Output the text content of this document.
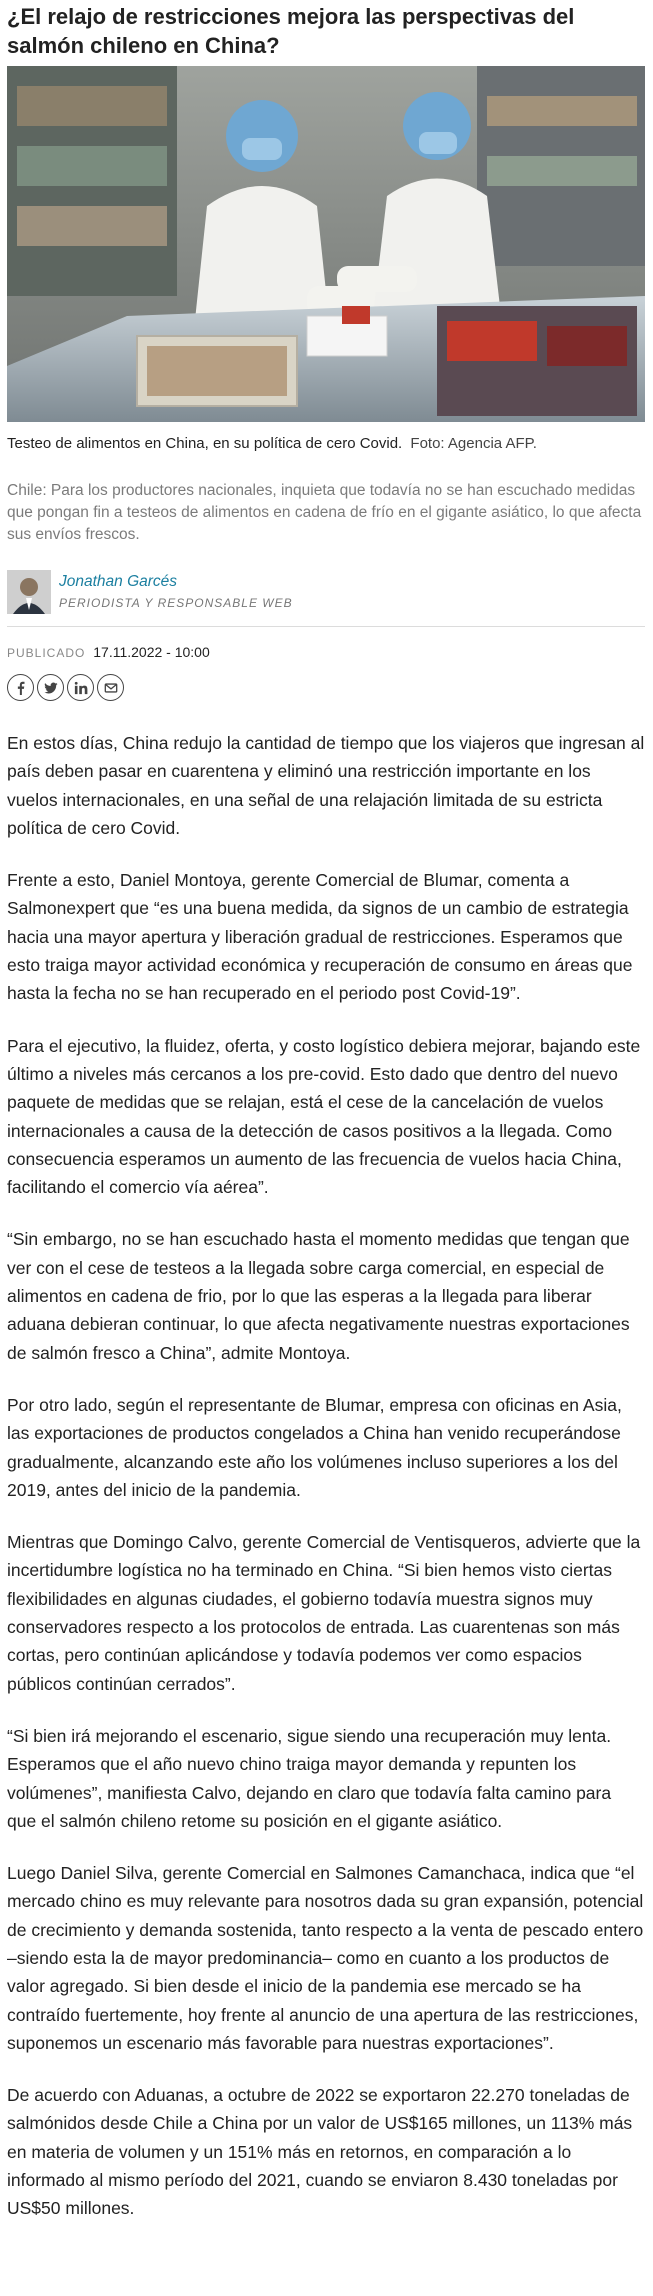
¿El relajo de restricciones mejora las perspectivas del salmón chileno en China?

Testeo de alimentos en China, en su política de cero Covid. Foto: Agencia AFP.

Chile: Para los productores nacionales, inquieta que todavía no se han escuchado medidas que pongan fin a testeos de alimentos en cadena de frío en el gigante asiático, lo que afecta sus envíos frescos.

Jonathan Garcés
PERIODISTA Y RESPONSABLE WEB
PUBLICADO 17.11.2022 - 10:00

En estos días, China redujo la cantidad de tiempo que los viajeros que ingresan al país deben pasar en cuarentena y eliminó una restricción importante en los vuelos internacionales, en una señal de una relajación limitada de su estricta política de cero Covid.

Frente a esto, Daniel Montoya, gerente Comercial de Blumar, comenta a Salmonexpert que “es una buena medida, da signos de un cambio de estrategia hacia una mayor apertura y liberación gradual de restricciones. Esperamos que esto traiga mayor actividad económica y recuperación de consumo en áreas que hasta la fecha no se han recuperado en el periodo post Covid-19”.

Para el ejecutivo, la fluidez, oferta, y costo logístico debiera mejorar, bajando este último a niveles más cercanos a los pre-covid. Esto dado que dentro del nuevo paquete de medidas que se relajan, está el cese de la cancelación de vuelos internacionales a causa de la detección de casos positivos a la llegada. Como consecuencia esperamos un aumento de las frecuencia de vuelos hacia China, facilitando el comercio vía aérea”.

“Sin embargo, no se han escuchado hasta el momento medidas que tengan que ver con el cese de testeos a la llegada sobre carga comercial, en especial de alimentos en cadena de frio, por lo que las esperas a la llegada para liberar aduana debieran continuar, lo que afecta negativamente nuestras exportaciones de salmón fresco a China”, admite Montoya.

Por otro lado, según el representante de Blumar, empresa con oficinas en Asia, las exportaciones de productos congelados a China han venido recuperándose gradualmente, alcanzando este año los volúmenes incluso superiores a los del 2019, antes del inicio de la pandemia.

Mientras que Domingo Calvo, gerente Comercial de Ventisqueros, advierte que la incertidumbre logística no ha terminado en China. “Si bien hemos visto ciertas flexibilidades en algunas ciudades, el gobierno todavía muestra signos muy conservadores respecto a los protocolos de entrada. Las cuarentenas son más cortas, pero continúan aplicándose y todavía podemos ver como espacios públicos continúan cerrados”.

“Si bien irá mejorando el escenario, sigue siendo una recuperación muy lenta. Esperamos que el año nuevo chino traiga mayor demanda y repunten los volúmenes”, manifiesta Calvo, dejando en claro que todavía falta camino para que el salmón chileno retome su posición en el gigante asiático.

Luego Daniel Silva, gerente Comercial en Salmones Camanchaca, indica que “el mercado chino es muy relevante para nosotros dada su gran expansión, potencial de crecimiento y demanda sostenida, tanto respecto a la venta de pescado entero –siendo esta la de mayor predominancia– como en cuanto a los productos de valor agregado. Si bien desde el inicio de la pandemia ese mercado se ha contraído fuertemente, hoy frente al anuncio de una apertura de las restricciones, suponemos un escenario más favorable para nuestras exportaciones”.

De acuerdo con Aduanas, a octubre de 2022 se exportaron 22.270 toneladas de salmónidos desde Chile a China por un valor de US$165 millones, un 113% más en materia de volumen y un 151% más en retornos, en comparación a lo informado al mismo período del 2021, cuando se enviaron 8.430 toneladas por US$50 millones.
